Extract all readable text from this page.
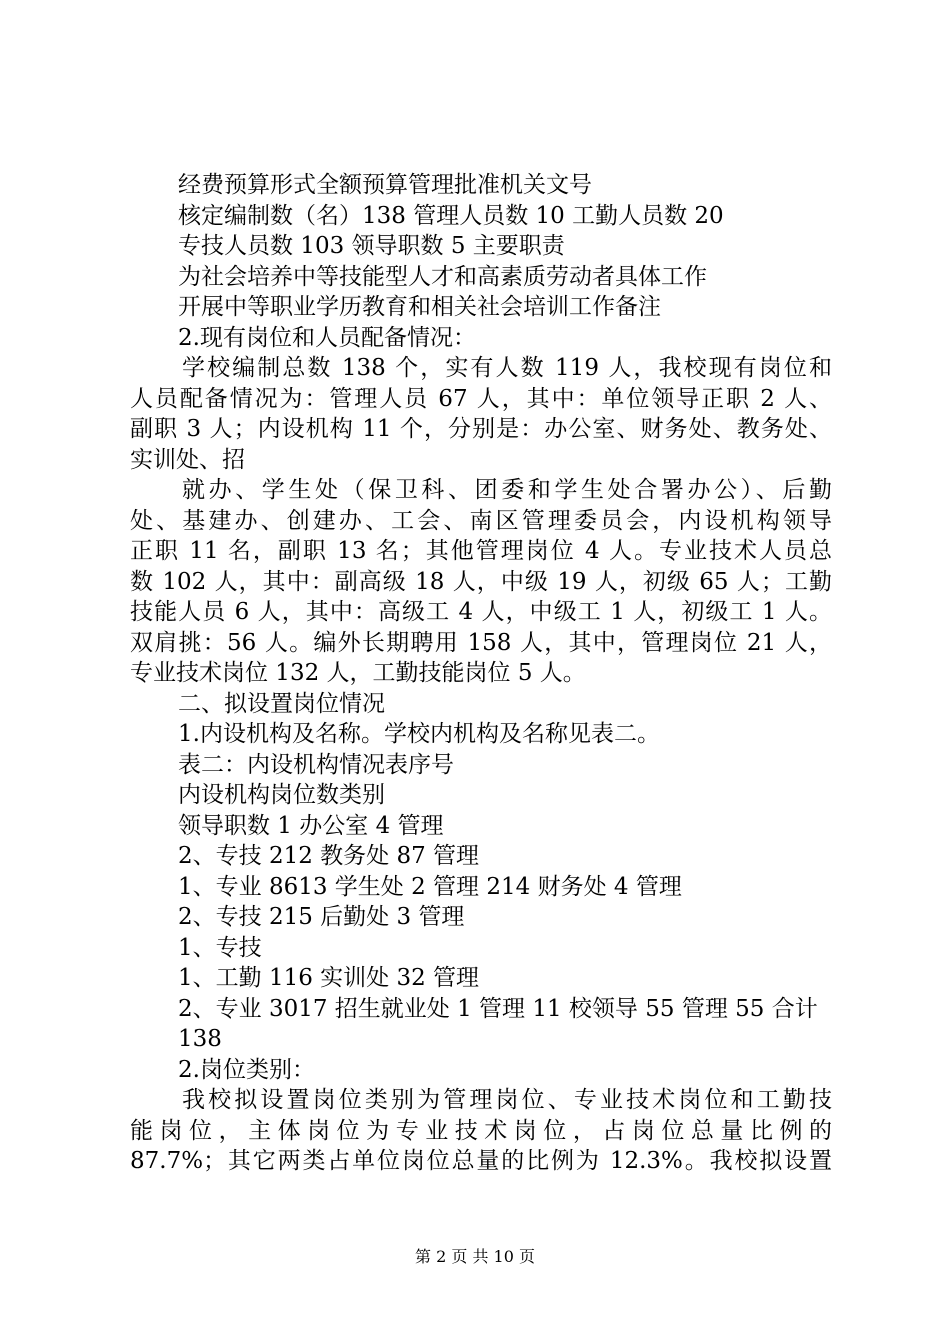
经费预算形式全额预算管理批准机关文号
核定编制数（名）138 管理人员数 10 工勤人员数 20
专技人员数 103 领导职数 5 主要职责
为社会培养中等技能型人才和高素质劳动者具体工作
开展中等职业学历教育和相关社会培训工作备注
2.现有岗位和人员配备情况：
学校编制总数 138 个，实有人数 119 人，我校现有岗位和
人员配备情况为：管理人员 67 人，其中：单位领导正职 2 人、
副职 3 人；内设机构 11 个，分别是：办公室、财务处、教务处、
实训处、招
就办、学生处（保卫科、团委和学生处合署办公）、后勤
处、基建办、创建办、工会、南区管理委员会，内设机构领导
正职 11 名，副职 13 名；其他管理岗位 4 人。专业技术人员总
数 102 人，其中：副高级 18 人，中级 19 人，初级 65 人；工勤
技能人员 6 人，其中：高级工 4 人，中级工 1 人，初级工 1 人。
双肩挑：56 人。编外长期聘用 158 人，其中，管理岗位 21 人，
专业技术岗位 132 人，工勤技能岗位 5 人。
二、拟设置岗位情况
1.内设机构及名称。学校内机构及名称见表二。
表二：内设机构情况表序号
内设机构岗位数类别
领导职数 1 办公室 4 管理
2、专技 212 教务处 87 管理
1、专业 8613 学生处 2 管理 214 财务处 4 管理
2、专技 215 后勤处 3 管理
1、专技
1、工勤 116 实训处 32 管理
2、专业 3017 招生就业处 1 管理 11 校领导 55 管理 55 合计
138
2.岗位类别：
我校拟设置岗位类别为管理岗位、专业技术岗位和工勤技
能岗位，主体岗位为专业技术岗位，占岗位总量比例的
87.7%；其它两类占单位岗位总量的比例为 12.3%。我校拟设置
第 2 页 共 10 页
